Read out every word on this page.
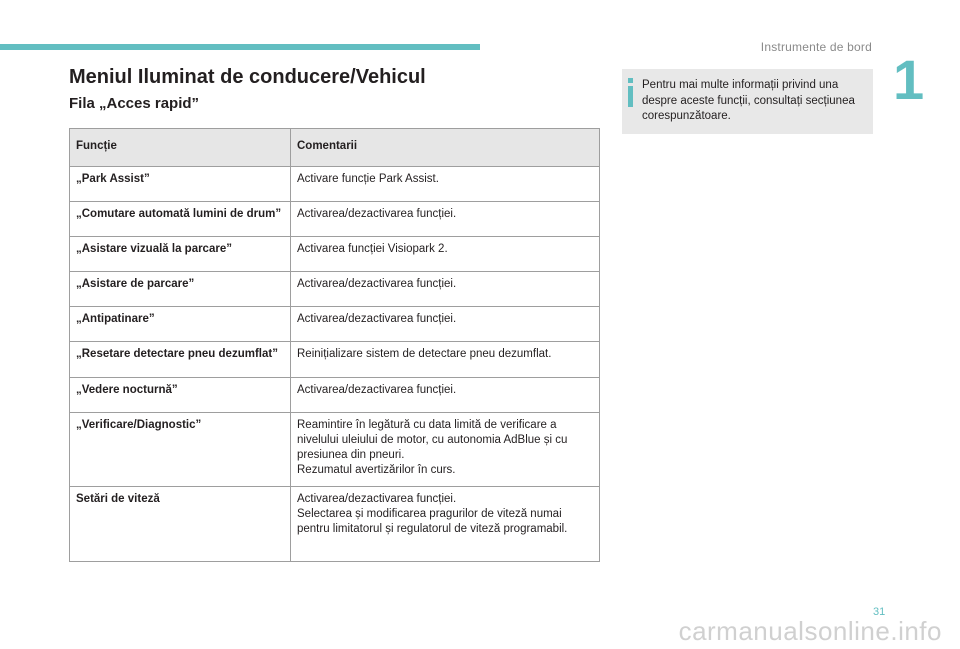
Instrumente de bord
1
Meniul Iluminat de conducere/Vehicul
Fila „Acces rapid”
Pentru mai multe informații privind una despre aceste funcții, consultați secțiunea corespunzătoare.
Funcție	Comentarii
„Park Assist”	Activare funcție Park Assist.

„Comutare automată lumini de drum”	Activarea/dezactivarea funcției.

„Asistare vizuală la parcare”	Activarea funcției Visiopark 2.

„Asistare de parcare”	Activarea/dezactivarea funcției.

„Antipatinare”	Activarea/dezactivarea funcției.

„Resetare detectare pneu dezumflat”	Reinițializare sistem de detectare pneu dezumflat.

„Vedere nocturnă”	Activarea/dezactivarea funcției.

„Verificare/Diagnostic”	Reamintire în legătură cu data limită de verificare a nivelului uleiului de motor, cu autonomia AdBlue și cu presiunea din pneuri.
Rezumatul avertizărilor în curs.

Setări de viteză	Activarea/dezactivarea funcției.
Selectarea și modificarea pragurilor de viteză numai pentru limitatorul și regulatorul de viteză programabil.
31
carmanualsonline.info
